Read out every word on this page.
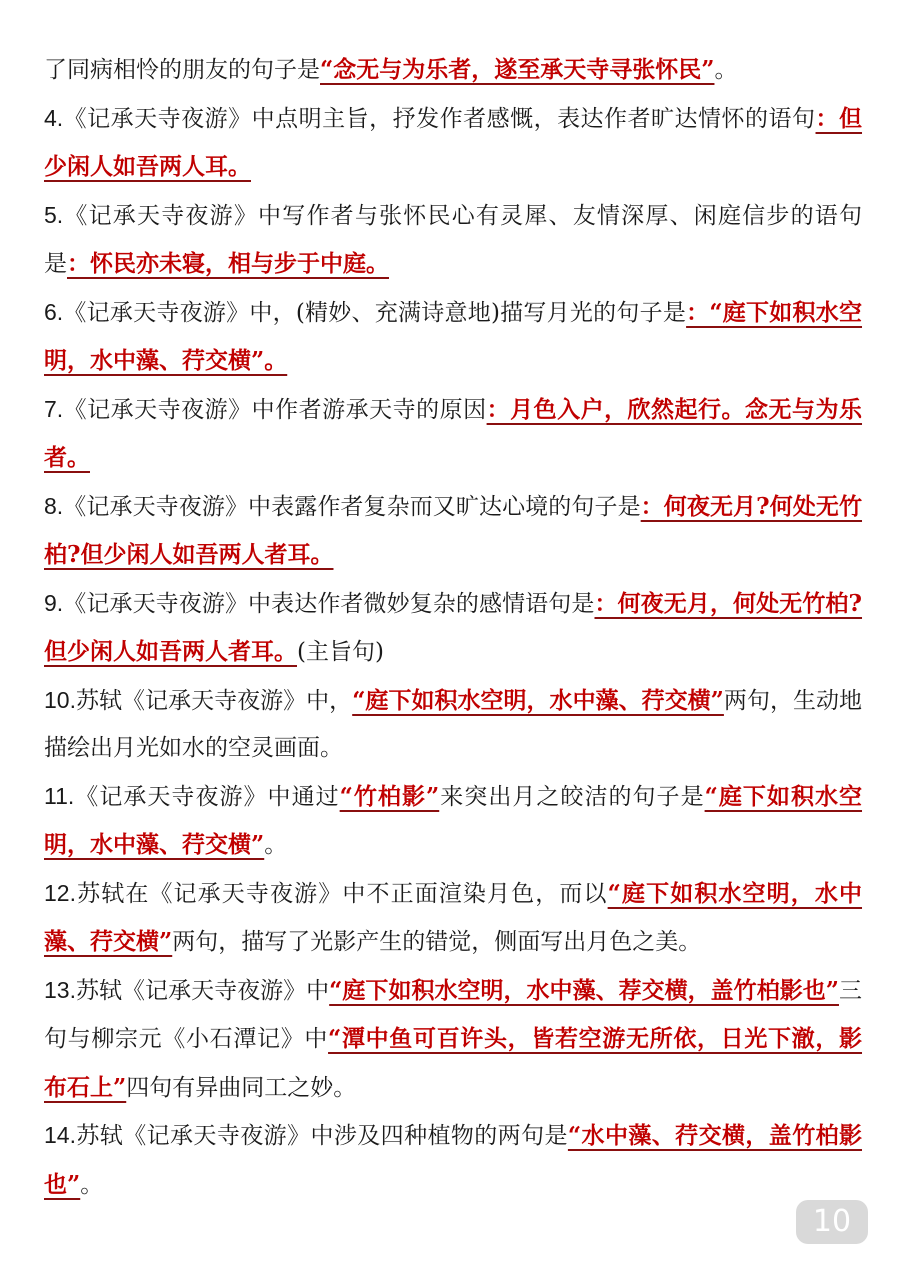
了同病相怜的朋友的句子是“念无与为乐者，遂至承天寺寻张怀民”。

4.《记承天寺夜游》中点明主旨，抒发作者感慨，表达作者旷达情怀的语句：但少闲人如吾两人耳。

5.《记承天寺夜游》中写作者与张怀民心有灵犀、友情深厚、闲庭信步的语句是：怀民亦未寝，相与步于中庭。

6.《记承天寺夜游》中，(精妙、充满诗意地)描写月光的句子是：“庭下如积水空明，水中藻、荇交横”。

7.《记承天寺夜游》中作者游承天寺的原因：月色入户，欣然起行。念无与为乐者。

8.《记承天寺夜游》中表露作者复杂而又旷达心境的句子是：何夜无月?何处无竹柏?但少闲人如吾两人者耳。

9.《记承天寺夜游》中表达作者微妙复杂的感情语句是：何夜无月，何处无竹柏?但少闲人如吾两人者耳。(主旨句)

10.苏轼《记承天寺夜游》中，“庭下如积水空明，水中藻、荇交横”两句，生动地描绘出月光如水的空灵画面。

11.《记承天寺夜游》中通过“竹柏影”来突出月之皎洁的句子是“庭下如积水空明，水中藻、荇交横”。

12.苏轼在《记承天寺夜游》中不正面渲染月色，而以“庭下如积水空明，水中藻、荇交横”两句，描写了光影产生的错觉，侧面写出月色之美。

13.苏轼《记承天寺夜游》中“庭下如积水空明，水中藻、荐交横，盖竹柏影也”三句与柳宗元《小石潭记》中“潭中鱼可百许头，皆若空游无所依，日光下澈，影布石上”四句有异曲同工之妙。

14.苏轼《记承天寺夜游》中涉及四种植物的两句是“水中藻、荇交横，盖竹柏影也”。

10
